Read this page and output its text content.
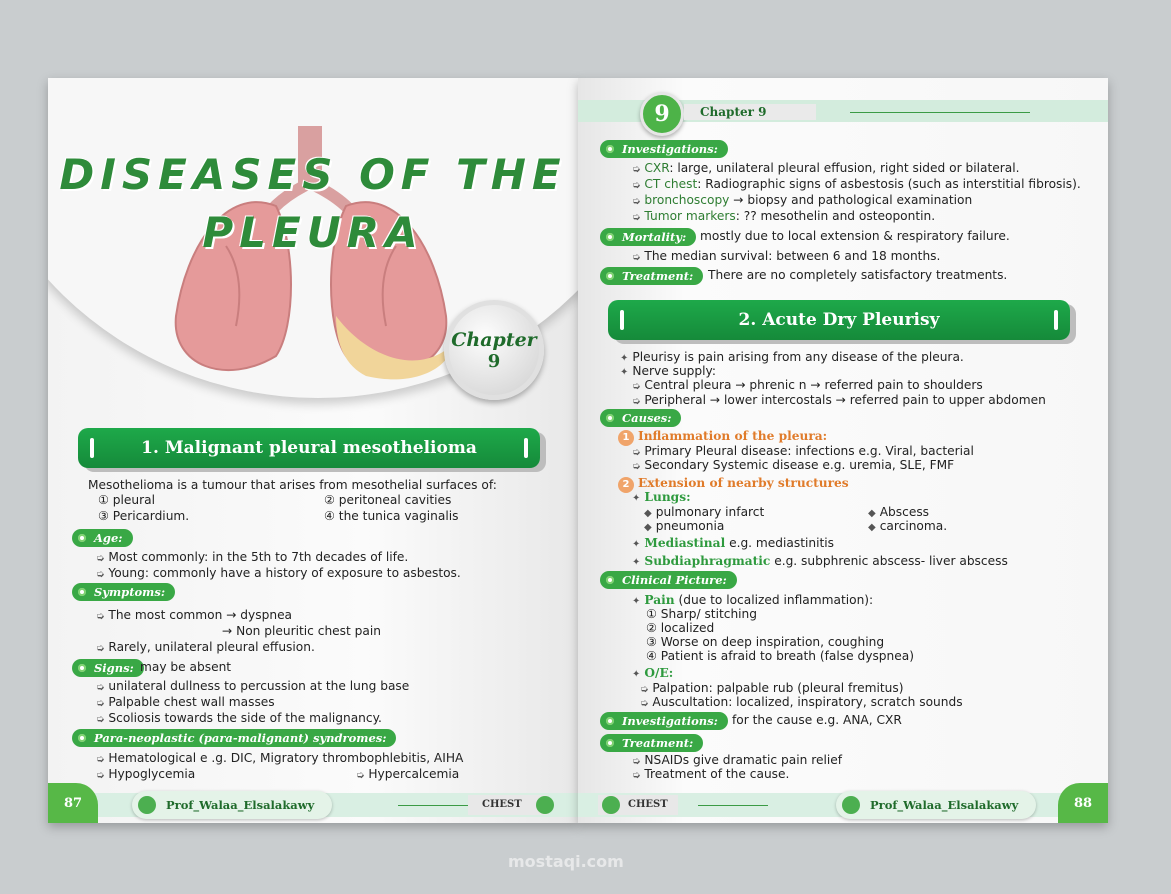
DISEASES OF THE
PLEURA
Chapter
9
1. Malignant pleural mesothelioma
Mesothelioma is a tumour that arises from mesothelial surfaces of:
① pleural	② peritoneal cavities
③ Pericardium.	④ the tunica vaginalis
Age:
➭ Most commonly: in the 5th to 7th decades of life.
➭ Young: commonly have a history of exposure to asbestos.
Symptoms:
➭ The most common → dyspnea
→ Non pleuritic chest pain
➭ Rarely, unilateral pleural effusion.
Signs: may be absent
➭ unilateral dullness to percussion at the lung base
➭ Palpable chest wall masses
➭ Scoliosis towards the side of the malignancy.
Para-neoplastic (para-malignant) syndromes:
➭ Hematological e .g. DIC, Migratory thrombophlebitis, AIHA
➭ Hypoglycemia	➭ Hypercalcemia
87	Prof_Walaa_Elsalakawy	CHEST
9	Chapter 9
Investigations:
➭ CXR: large, unilateral pleural effusion, right sided or bilateral.
➭ CT chest: Radiographic signs of asbestosis (such as interstitial fibrosis).
➭ bronchoscopy → biopsy and pathological examination
➭ Tumor markers: ?? mesothelin and osteopontin.
Mortality:	mostly due to local extension & respiratory failure.
➭ The median survival: between 6 and 18 months.
Treatment:	There are no completely satisfactory treatments.
2. Acute Dry Pleurisy
✦ Pleurisy is pain arising from any disease of the pleura.
✦ Nerve supply:
➭ Central pleura → phrenic n → referred pain to shoulders
➭ Peripheral → lower intercostals → referred pain to upper abdomen
Causes:
1 Inflammation of the pleura:
➭ Primary Pleural disease: infections e.g. Viral, bacterial
➭ Secondary Systemic disease e.g. uremia, SLE, FMF
2 Extension of nearby structures
✦ Lungs:
◆ pulmonary infarct	◆ Abscess
◆ pneumonia	◆ carcinoma.
✦ Mediastinal e.g. mediastinitis
✦ Subdiaphragmatic e.g. subphrenic abscess- liver abscess
Clinical Picture:
✦ Pain (due to localized inflammation):
① Sharp/ stitching
② localized
③ Worse on deep inspiration, coughing
④ Patient is afraid to breath (false dyspnea)
✦ O/E:
➭ Palpation: palpable rub (pleural fremitus)
➭ Auscultation: localized, inspiratory, scratch sounds
Investigations:	for the cause e.g. ANA, CXR
Treatment:
➭ NSAIDs give dramatic pain relief
➭ Treatment of the cause.
CHEST	Prof_Walaa_Elsalakawy	88
mostaqi.com
